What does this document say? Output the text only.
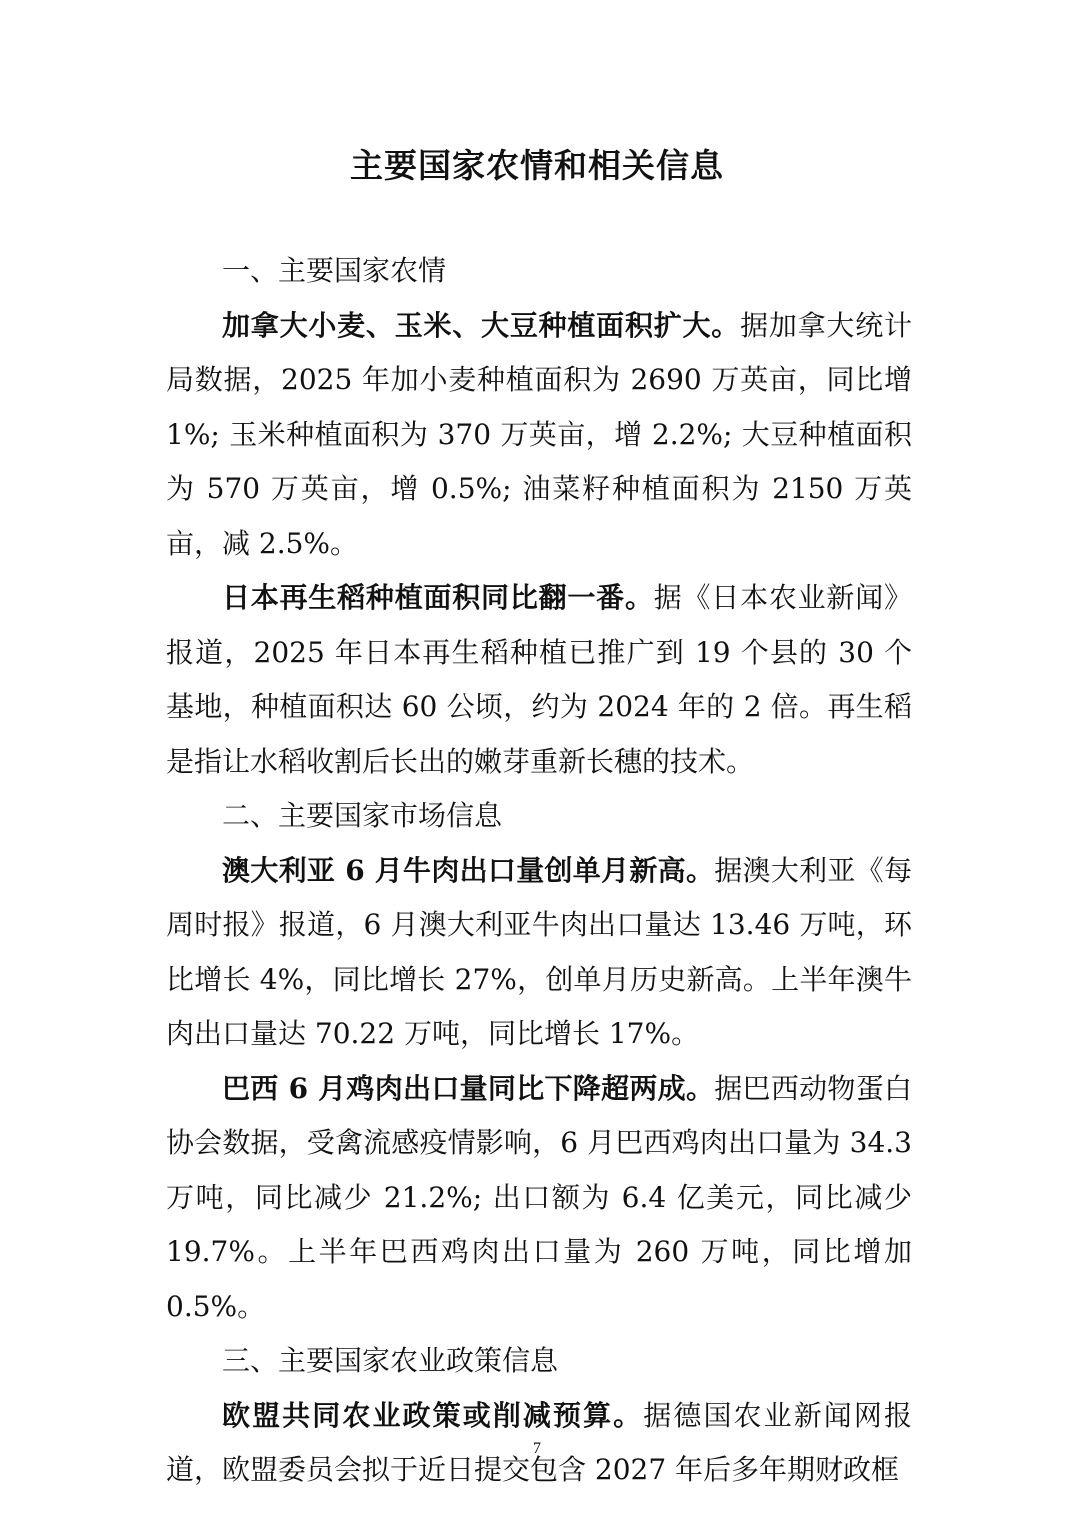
主要国家农情和相关信息

一、主要国家农情

加拿大小麦、玉米、大豆种植面积扩大。据加拿大统计局数据，2025 年加小麦种植面积为 2690 万英亩，同比增 1%; 玉米种植面积为 370 万英亩，增 2.2%; 大豆种植面积为 570 万英亩，增 0.5%; 油菜籽种植面积为 2150 万英亩，减 2.5%。

日本再生稻种植面积同比翻一番。据《日本农业新闻》报道，2025 年日本再生稻种植已推广到 19 个县的 30 个基地，种植面积达 60 公顷，约为 2024 年的 2 倍。再生稻是指让水稻收割后长出的嫩芽重新长穗的技术。

二、主要国家市场信息

澳大利亚 6 月牛肉出口量创单月新高。据澳大利亚《每周时报》报道，6 月澳大利亚牛肉出口量达 13.46 万吨，环比增长 4%，同比增长 27%，创单月历史新高。上半年澳牛肉出口量达 70.22 万吨，同比增长 17%。

巴西 6 月鸡肉出口量同比下降超两成。据巴西动物蛋白协会数据，受禽流感疫情影响，6 月巴西鸡肉出口量为 34.3 万吨，同比减少 21.2%; 出口额为 6.4 亿美元，同比减少 19.7%。上半年巴西鸡肉出口量为 260 万吨，同比增加 0.5%。

三、主要国家农业政策信息

欧盟共同农业政策或削减预算。据德国农业新闻网报道，欧盟委员会拟于近日提交包含 2027 年后多年期财政框

7
